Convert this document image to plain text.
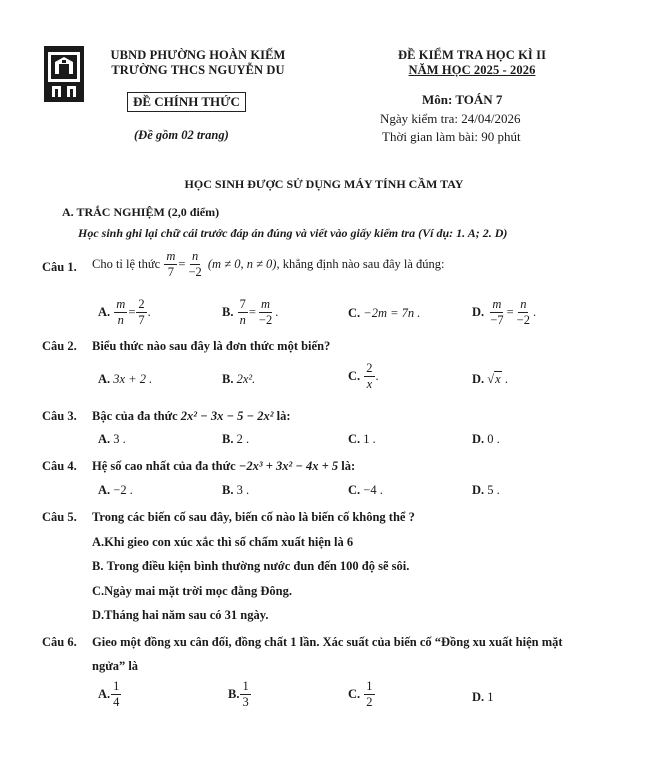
UBND PHƯỜNG HOÀN KIẾM
TRƯỜNG THCS NGUYỄN DU
ĐỀ KIỂM TRA HỌC KÌ II
NĂM HỌC 2025 - 2026
ĐỀ CHÍNH THỨC	Môn: TOÁN 7
Ngày kiểm tra: 24/04/2026
Thời gian làm bài: 90 phút
(Đề gồm 02 trang)
HỌC SINH ĐƯỢC SỬ DỤNG MÁY TÍNH CẦM TAY
A. TRẮC NGHIỆM (2,0 điểm)
Học sinh ghi lại chữ cái trước đáp án đúng và viết vào giấy kiểm tra (Ví dụ: 1. A; 2. D)
Câu 1. Cho tỉ lệ thức
$\frac{m}{7} = \frac{n}{-2}$
(m ≠ 0, n ≠ 0) , khẳng định nào sau đây là đúng:
A.
$\frac{m}{n} = \frac{2}{7}$ .	B.
$\frac{7}{n} = \frac{m}{-2}$ .	C. −2m = 7n .	D.
$\frac{m}{-7} = \frac{n}{-2}$ .
Câu 2. Biểu thức nào sau đây là đơn thức một biến?
A. 3x + 2 .	B. 2x².	C.
$\frac{2}{x}$ .	D. √x .
Câu 3. Bậc của đa thức 2x² − 3x − 5 − 2x² là:
A. 3 .	B. 2 .	C. 1 .	D. 0 .
Câu 4. Hệ số cao nhất của đa thức −2x³ + 3x² − 4x + 5 là:
A. −2 .	B. 3 .	C. −4 .	D. 5 .
Câu 5. Trong các biến cố sau đây, biến cố nào là biến cố không thể ?
A.Khi gieo con xúc xắc thì số chấm xuất hiện là 6
B. Trong điều kiện bình thường nước đun đến 100 độ sẽ sôi.
C.Ngày mai mặt trời mọc đằng Đông.
D.Tháng hai năm sau có 31 ngày.
Câu 6. Gieo một đồng xu cân đối, đồng chất 1 lần. Xác suất của biến cố “Đồng xu xuất hiện mặt
ngửa” là
A. $\frac{1}{4}$	B. $\frac{1}{3}$	C.
$\frac{1}{2}$	D. 1
